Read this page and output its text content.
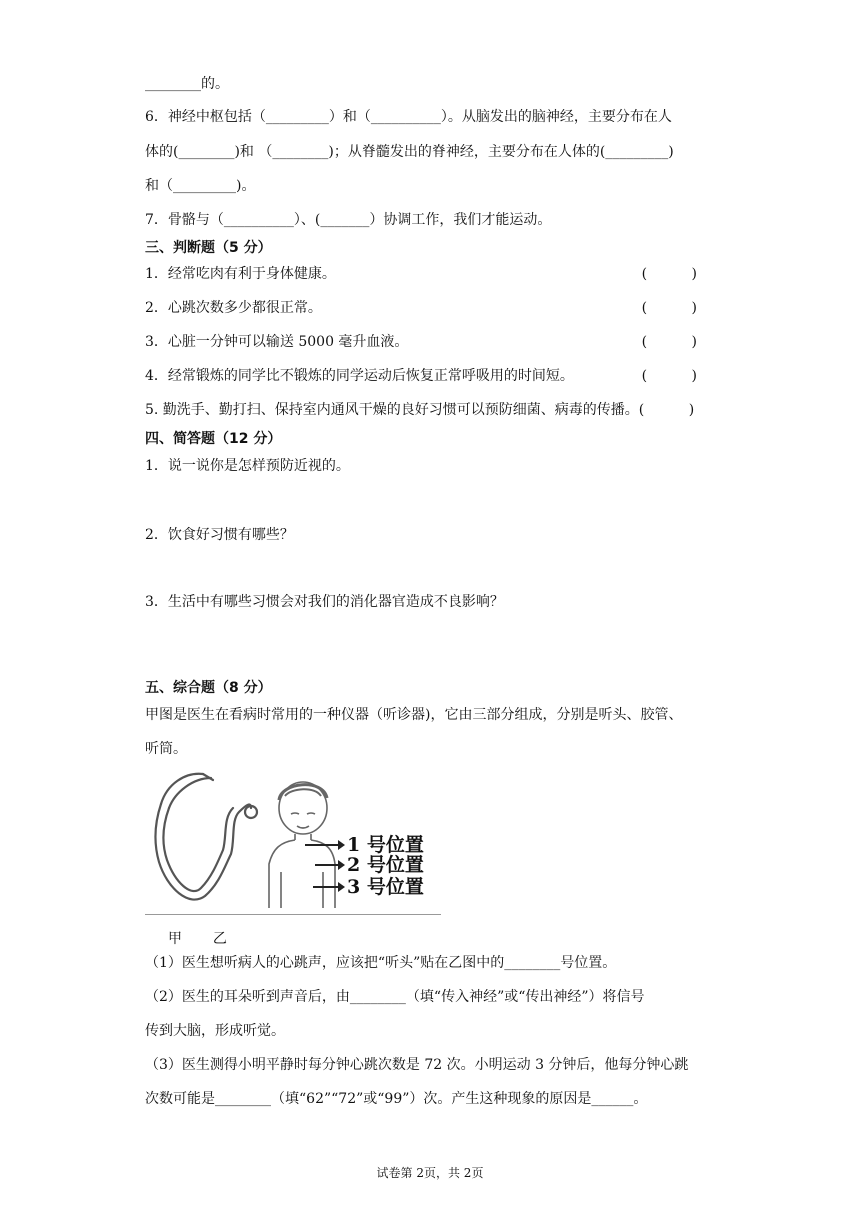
________的。
6．神经中枢包括（_________）和（__________）。从脑发出的脑神经，主要分布在人
体的(________)和 （________)；从脊髓发出的脊神经，主要分布在人体的(_________)
和（_________)。
7．骨骼与（__________）、(_______）协调工作，我们才能运动。
三、判断题（5 分）
1．经常吃肉有利于身体健康。	(          )
2．心跳次数多少都很正常。	(          )
3．心脏一分钟可以输送 5000 毫升血液。	(          )
4．经常锻炼的同学比不锻炼的同学运动后恢复正常呼吸用的时间短。	(          )
5. 勤洗手、勤打扫、保持室内通风干燥的良好习惯可以预防细菌、病毒的传播。(          )
四、简答题（12 分）
1．说一说你是怎样预防近视的。
2．饮食好习惯有哪些？
3．生活中有哪些习惯会对我们的消化器官造成不良影响？
五、综合题（8 分）
甲图是医生在看病时常用的一种仪器（听诊器)，它由三部分组成，分别是听头、胶管、
听筒。
1 号位置
2 号位置
3 号位置
甲 乙
（1）医生想听病人的心跳声，应该把“听头”贴在乙图中的________号位置。
（2）医生的耳朵听到声音后，由________（填“传入神经”或“传出神经”）将信号
传到大脑，形成听觉。
（3）医生测得小明平静时每分钟心跳次数是 72 次。小明运动 3 分钟后，他每分钟心跳
次数可能是________（填“62”“72”或“99”）次。产生这种现象的原因是______。
试卷第 2页，共 2页
